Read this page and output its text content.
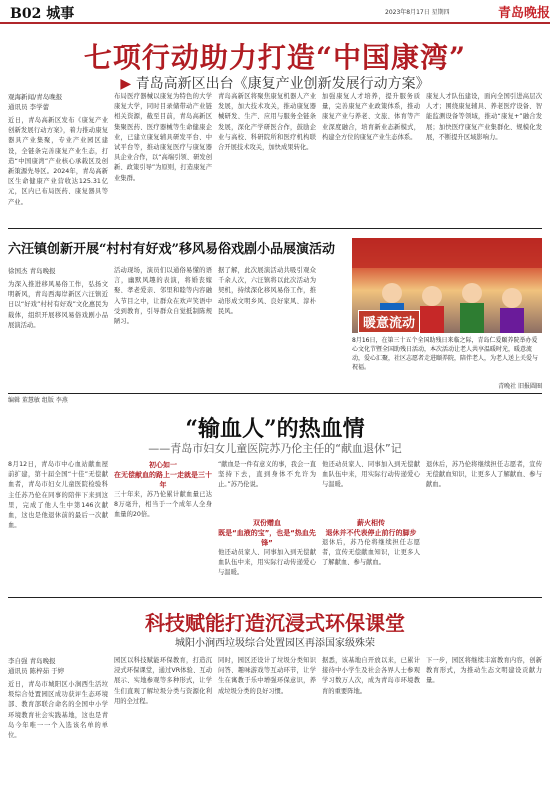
B02 城事	2023年8月17日 星期四	青岛晚报
七项行动助力打造“中国康湾”
▶ 青岛高新区出台《康复产业创新发展行动方案》
观海新闻/青岛晚报
通讯员 李学蕾
近日，青岛高新区发布《康复产业创新发展行动方案》，着力推动康复器具产业集聚，专业产业园区建设，全链条完善康复产业生态，打造“中国康湾”产业核心承载区及创新策源先导区。2024年，青岛高新区生命健康产业营收达125.31亿元，区内已布局医药、康复器具等产业。
布局医疗器械以康复为特色的大学康复大学，同时目录储带动产业链相关资源，截至目前，青岛高新区集聚医药、医疗器械等生命健康企业，已建立康复辅具研发平台、中试平台等，推动康复医疗与康复器具企业合作，以“高端引领、研发创新、政策引导”为原则，打造康复产业集群。
青岛高新区将聚焦康复机器人产业发展，加大技术攻关，推动康复器械研发、生产、应用与服务全链条发展，深化产学研医合作，鼓励企业与高校、科研院所和医疗机构联合开展技术攻关，加快成果转化。
加强康复人才培养，提升服务质量，完善康复产业政策体系，推动康复产业与养老、文旅、体育等产业深度融合，培育新业态新模式，构建全方位的康复产业生态体系。
康复人才队伍建设，面向全国引进高层次人才；围绕康复辅具、养老医疗设备、智能监测设备等领域，推动“康复+”融合发展；加快医疗康复产业集群化、规模化发展，不断提升区域影响力。
六汪镇创新开展“村村有好戏”移风易俗戏剧小品展演活动
徐国杰 青岛晚报
为深入推进移风易俗工作，弘扬文明新风，青岛西海岸新区六汪镇近日以“好戏”村村有好戏”文化惠民为载体，组织开展移风易俗戏剧小品展演活动。
活动现场，演员们以通俗易懂的语言，幽默风趣的表演，将婚丧嫁娶、孝老爱亲、邻里和睦等内容融入节目之中，让群众在欢声笑语中受到教育，引导群众自觉抵制陈规陋习。
据了解，此次展演活动共吸引观众千余人次，六汪镇将以此次活动为契机，持续深化移风易俗工作，推动形成文明乡风、良好家风、淳朴民风。
暖意流动
8月16日，在第三十五个全国助残日来临之际，青岛仁爱颐养院举办爱心文化节暨全国助残日活动，本次活动让老人共享温暖时光，暖意流动，爱心汇聚，社区志愿者走进颐养院，陪伴老人，为老人送上关爱与祝福。
青晚社 旧报圆圈
编辑 董慧敏 组版 李燕
“输血人”的热血情
——青岛市妇女儿童医院苏乃伦主任的“献血退休”记
8月12日，青岛市中心血站献血屋前扩建，第十届全国“十佳”无偿献血者，青岛市妇女儿童医院检验科主任苏乃伦在同事的陪伴下来到这里，完成了他人生中第146次献血，这也是他退休前的最后一次献血。
初心如一
在无偿献血的路上一走就是三十年
三十年来，苏乃伦累计献血量已达8万毫升，相当于一个成年人全身血量的20倍。
“献血是一件有意义的事，我会一直坚持下去，直到身体不允许为止。”苏乃伦说。
双份赠血
既是“血液的宝”，也是“热血先锋”
他还动员家人、同事加入到无偿献血队伍中来，用实际行动传递爱心与温暖。
他还动员家人、同事加入到无偿献血队伍中来，用实际行动传递爱心与温暖。
薪火相传
退休并不代表停止前行的脚步
退休后，苏乃伦将继续担任志愿者，宣传无偿献血知识，让更多人了解献血、参与献血。
退休后，苏乃伦将继续担任志愿者，宣传无偿献血知识，让更多人了解献血、参与献血。
科技赋能打造沉浸式环保课堂
城阳小涧西垃圾综合处置园区再添国家级殊荣
李自强 青岛晚报
通讯员 陈梓茹 于婷
近日，青岛市城阳区小涧西生活垃圾综合处置园区成功获评生态环境部、教育部联合命名的全国中小学环境教育社会实践基地，这也是青岛今年唯一一个入选该名单的单位。
园区以科技赋能环保教育，打造沉浸式环保课堂，通过VR体验、互动展示、实地参观等多种形式，让学生们直观了解垃圾分类与资源化利用的全过程。
同时，园区还设计了垃圾分类知识问答、趣味游戏等互动环节，让学生在寓教于乐中增强环保意识，养成垃圾分类的良好习惯。
据悉，该基地自开放以来，已累计接待中小学生及社会各界人士参观学习数万人次，成为青岛市环境教育的重要阵地。
下一步，园区将继续丰富教育内容，创新教育形式，为推动生态文明建设贡献力量。
